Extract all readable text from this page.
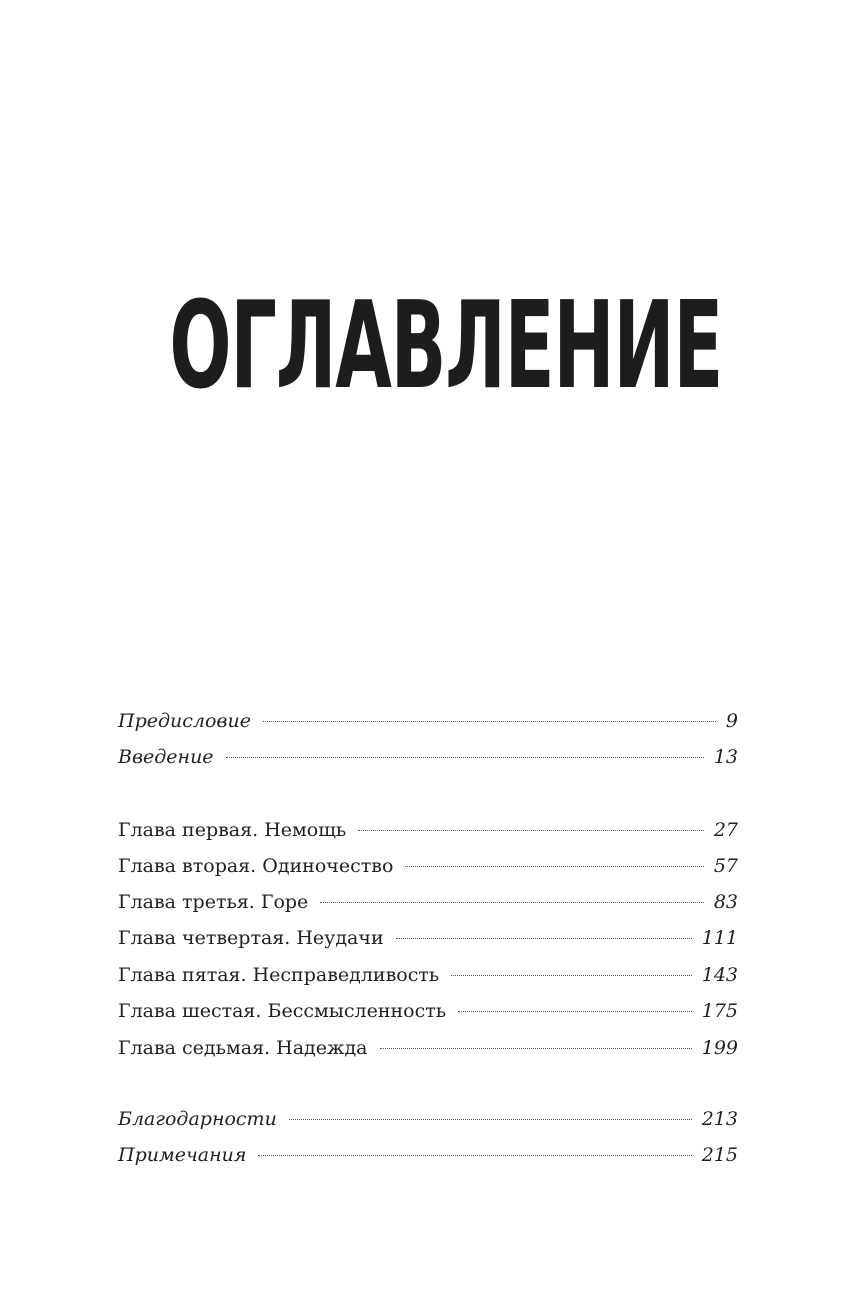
ОГЛАВЛЕНИЕ
Предисловие	9
Введение	13
Глава первая. Немощь	27
Глава вторая. Одиночество	57
Глава третья. Горе	83
Глава четвертая. Неудачи	111
Глава пятая. Несправедливость	143
Глава шестая. Бессмысленность	175
Глава седьмая. Надежда	199
Благодарности	213
Примечания	215
